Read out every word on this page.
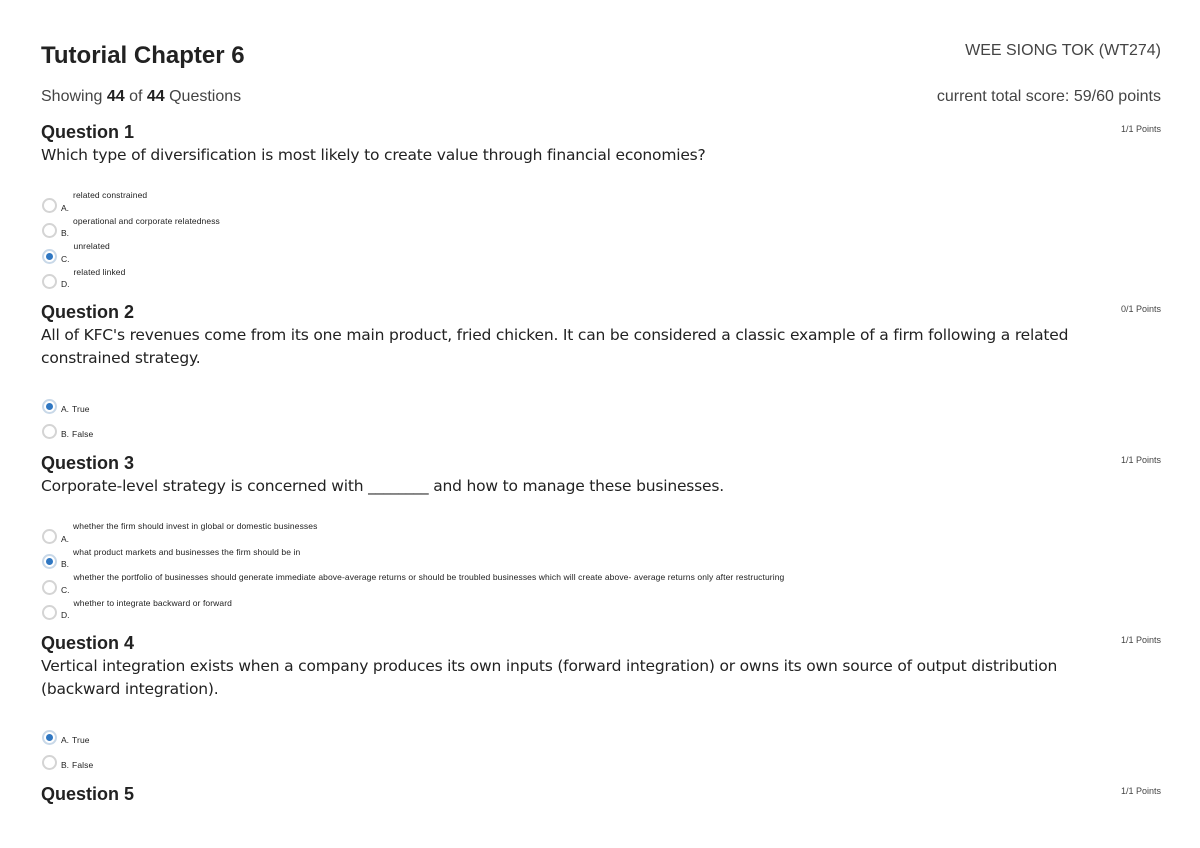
Tutorial Chapter 6	WEE SIONG TOK (WT274)
Showing 44 of 44 Questions	current total score: 59/60 points
Question 1	1/1 Points
Which type of diversification is most likely to create value through financial economies?
A.
related constrained
B.
operational and corporate relatedness
C.
unrelated
D.
related linked
Question 2	0/1 Points
All of KFC's revenues come from its one main product, fried chicken. It can be considered a classic example of a firm following a related constrained strategy.
A. True
B. False
Question 3	1/1 Points
Corporate-level strategy is concerned with ________ and how to manage these businesses.
A.
whether the firm should invest in global or domestic businesses
B.
what product markets and businesses the firm should be in
C.
whether the portfolio of businesses should generate immediate above-average returns or should be troubled businesses which will create above- average returns only after restructuring
D.
whether to integrate backward or forward
Question 4	1/1 Points
Vertical integration exists when a company produces its own inputs (forward integration) or owns its own source of output distribution (backward integration).
A. True
B. False
Question 5	1/1 Points
